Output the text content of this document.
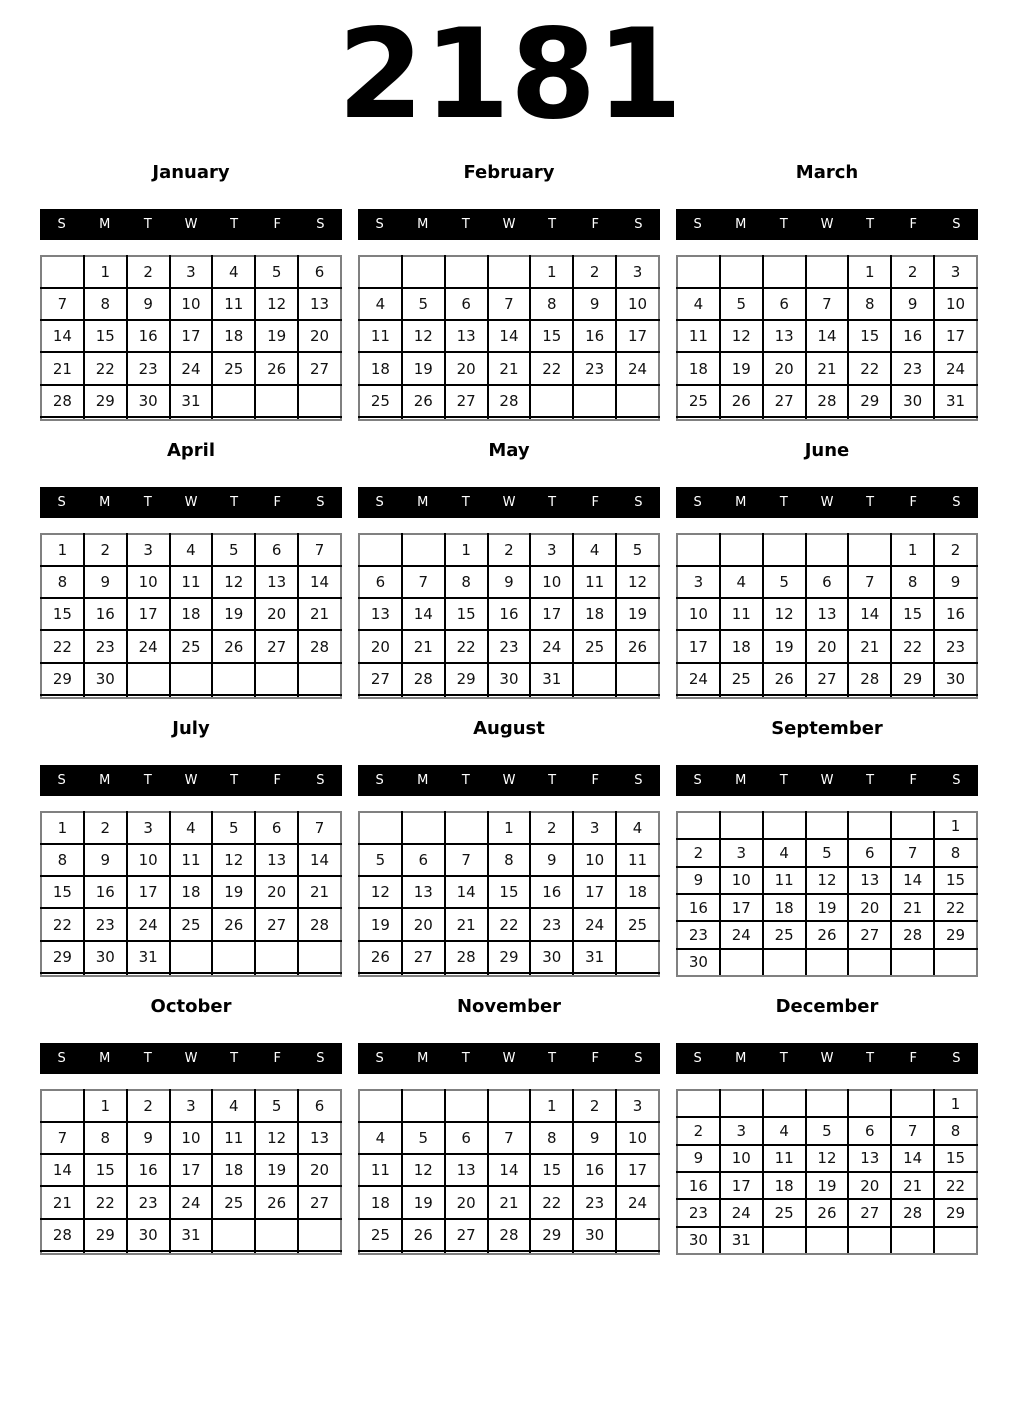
2181
January
S	M	T	W	T	F	S
	1	2	3	4	5	6
7	8	9	10	11	12	13
14	15	16	17	18	19	20
21	22	23	24	25	26	27
28	29	30	31			

February
S	M	T	W	T	F	S
				1	2	3
4	5	6	7	8	9	10
11	12	13	14	15	16	17
18	19	20	21	22	23	24
25	26	27	28			

March
S	M	T	W	T	F	S
				1	2	3
4	5	6	7	8	9	10
11	12	13	14	15	16	17
18	19	20	21	22	23	24
25	26	27	28	29	30	31

April
S	M	T	W	T	F	S
1	2	3	4	5	6	7
8	9	10	11	12	13	14
15	16	17	18	19	20	21
22	23	24	25	26	27	28
29	30					

May
S	M	T	W	T	F	S
		1	2	3	4	5
6	7	8	9	10	11	12
13	14	15	16	17	18	19
20	21	22	23	24	25	26
27	28	29	30	31		

June
S	M	T	W	T	F	S
					1	2
3	4	5	6	7	8	9
10	11	12	13	14	15	16
17	18	19	20	21	22	23
24	25	26	27	28	29	30

July
S	M	T	W	T	F	S
1	2	3	4	5	6	7
8	9	10	11	12	13	14
15	16	17	18	19	20	21
22	23	24	25	26	27	28
29	30	31				

August
S	M	T	W	T	F	S
			1	2	3	4
5	6	7	8	9	10	11
12	13	14	15	16	17	18
19	20	21	22	23	24	25
26	27	28	29	30	31	

September
S	M	T	W	T	F	S
						1
2	3	4	5	6	7	8
9	10	11	12	13	14	15
16	17	18	19	20	21	22
23	24	25	26	27	28	29
30						
October
S	M	T	W	T	F	S
	1	2	3	4	5	6
7	8	9	10	11	12	13
14	15	16	17	18	19	20
21	22	23	24	25	26	27
28	29	30	31			

November
S	M	T	W	T	F	S
				1	2	3
4	5	6	7	8	9	10
11	12	13	14	15	16	17
18	19	20	21	22	23	24
25	26	27	28	29	30	

December
S	M	T	W	T	F	S
						1
2	3	4	5	6	7	8
9	10	11	12	13	14	15
16	17	18	19	20	21	22
23	24	25	26	27	28	29
30	31					
